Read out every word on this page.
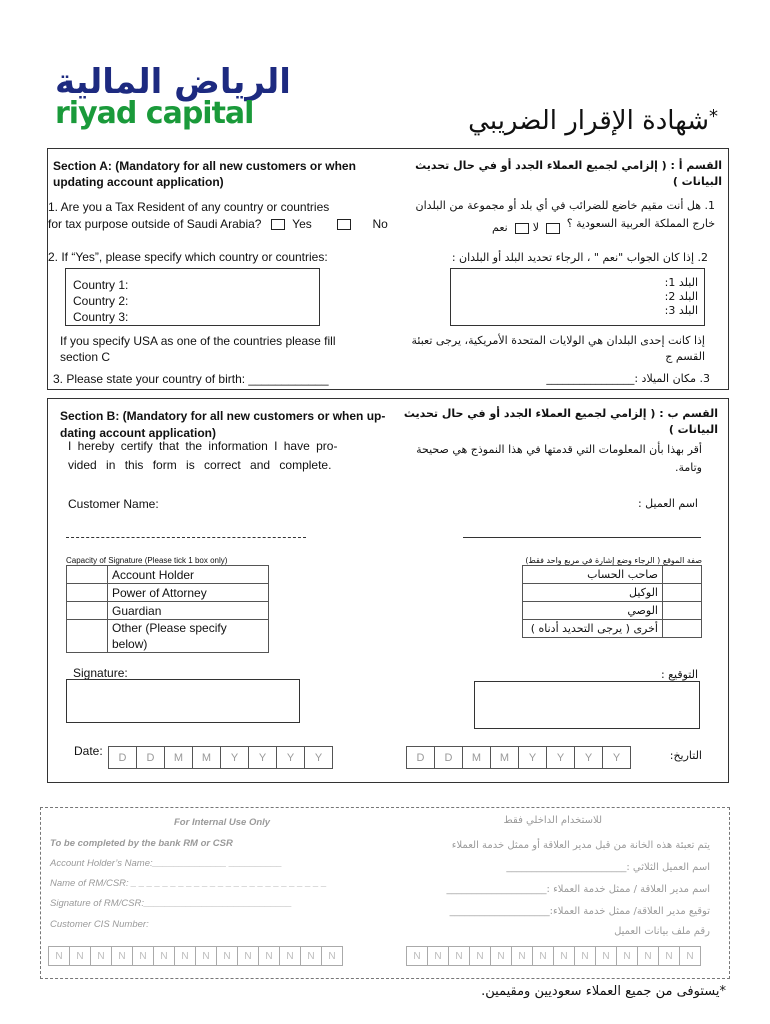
الرياض المالية
riyad capital	*شهادة الإقرار الضريبي
Section A: (Mandatory for all new customers or when updating account application)
القسم أ : ( إلزامي لجميع العملاء الجدد أو في حال تحديث البيانات )
1. Are you a Tax Resident of any country or countries
for tax purpose outside of Saudi Arabia?	Yes	No
1. هل أنت مقيم خاضع للضرائب في أي بلد أو مجموعة من البلدان
خارج المملكة العربية السعودية ؟
لا  نعم
2. If “Yes”, please specify which country or countries:	2. إذا كان الجواب "نعم " ، الرجاء تحديد البلد أو البلدان :
Country 1:
Country 2:
Country 3:
البلد 1:
البلد 2:
البلد 3:
If you specify USA as one of the countries please fill
section C
إذا كانت إحدى البلدان هي الولايات المتحدة الأمريكية، يرجى تعبئة القسم ج
3. Please state your country of birth: ____________	3. مكان الميلاد :________________
Section B: (Mandatory for all new customers or when up-
dating account application)
القسم ب : ( إلزامي لجميع العملاء الجدد أو في حال تحديث البيانات )
I hereby certify that the information I have pro-
vided in this form is correct and complete.
أقر بهذا بأن المعلومات التي قدمتها في هذا النموذج هي صحيحة
وتامة.
Customer Name:	اسم العميل :
Capacity of Signature (Please tick 1 box only)	صفة الموقع ( الرجاء وضع إشارة في مربع واحد فقط)
	Account Holder
	Power of Attorney
	Guardian
	Other (Please specify below)
	صاحب الحساب
	الوكيل
	الوصي
	أخرى ( يرجى التحديد أدناه )
Signature:	التوقيع :
Date:	D	D	M	M	Y	Y	Y	Y	D	D	M	M	Y	Y	Y	Y	التاريخ:
For Internal Use Only	للاستخدام الداخلي فقط
To be completed by the bank RM or CSR	يتم تعبئة هذه الخانة من قبل مدير العلاقة أو ممثل خدمة العملاء
Account Holder’s Name:______________ __________	اسم العميل الثلاثي :________________________
Name of RM/CSR: _ _ _ _ _ _ _ _ _ _ _ _ _ _ _ _ _ _ _ _ _ _ _ _ _
اسم مدير العلاقة / ممثل خدمة العملاء :____________________
Signature of RM/CSR:____________________________
توقيع مدير العلاقة/ ممثل خدمة العملاء:____________________
Customer CIS Number:
رقم ملف بيانات العميل
N	N	N	N	N	N	N	N	N	N	N	N	N	N	N	N	N	N	N	N	N	N	N	N	N	N	N	N
*يستوفى من جميع العملاء سعوديين ومقيمين.
